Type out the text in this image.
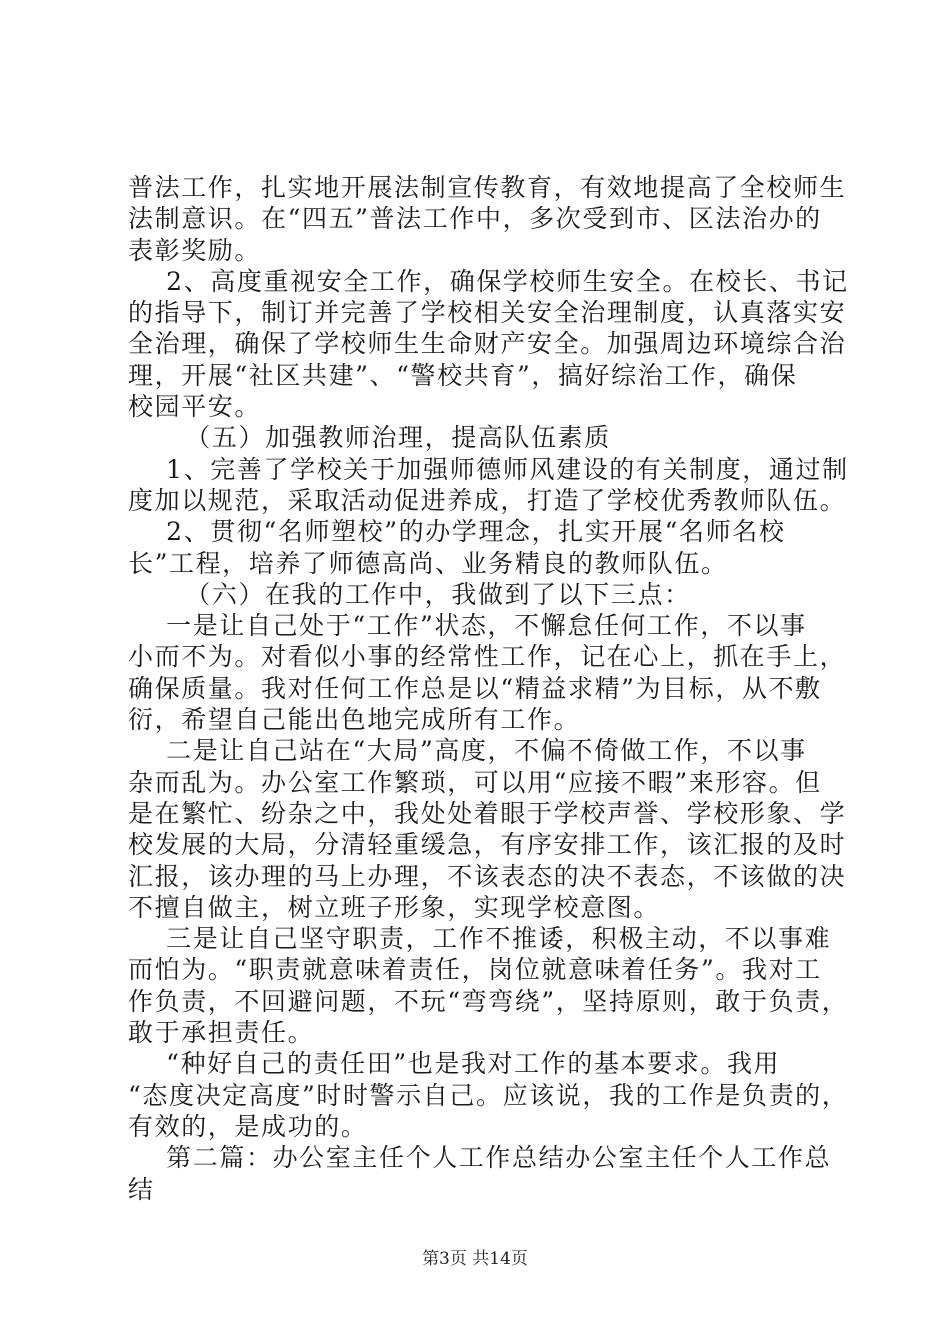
普法工作，扎实地开展法制宣传教育，有效地提高了全校师生
法制意识。在“四五”普法工作中，多次受到市、区法治办的
表彰奖励。
2、高度重视安全工作，确保学校师生安全。在校长、书记
的指导下，制订并完善了学校相关安全治理制度，认真落实安
全治理，确保了学校师生生命财产安全。加强周边环境综合治
理，开展“社区共建”、“警校共育”，搞好综治工作，确保
校园平安。
（五）加强教师治理，提高队伍素质
1、完善了学校关于加强师德师风建设的有关制度，通过制
度加以规范，采取活动促进养成，打造了学校优秀教师队伍。
2、贯彻“名师塑校”的办学理念，扎实开展“名师名校
长”工程，培养了师德高尚、业务精良的教师队伍。
（六）在我的工作中，我做到了以下三点：
一是让自己处于“工作”状态，不懈怠任何工作，不以事
小而不为。对看似小事的经常性工作，记在心上，抓在手上，
确保质量。我对任何工作总是以“精益求精”为目标，从不敷
衍，希望自己能出色地完成所有工作。
二是让自己站在“大局”高度，不偏不倚做工作，不以事
杂而乱为。办公室工作繁琐，可以用“应接不暇”来形容。但
是在繁忙、纷杂之中，我处处着眼于学校声誉、学校形象、学
校发展的大局，分清轻重缓急，有序安排工作，该汇报的及时
汇报，该办理的马上办理，不该表态的决不表态，不该做的决
不擅自做主，树立班子形象，实现学校意图。
三是让自己坚守职责，工作不推诿，积极主动，不以事难
而怕为。“职责就意味着责任，岗位就意味着任务”。我对工
作负责，不回避问题，不玩“弯弯绕”，坚持原则，敢于负责，
敢于承担责任。
“种好自己的责任田”也是我对工作的基本要求。我用
“态度决定高度”时时警示自己。应该说，我的工作是负责的，
有效的，是成功的。
第二篇：办公室主任个人工作总结办公室主任个人工作总
结
第3页 共14页
